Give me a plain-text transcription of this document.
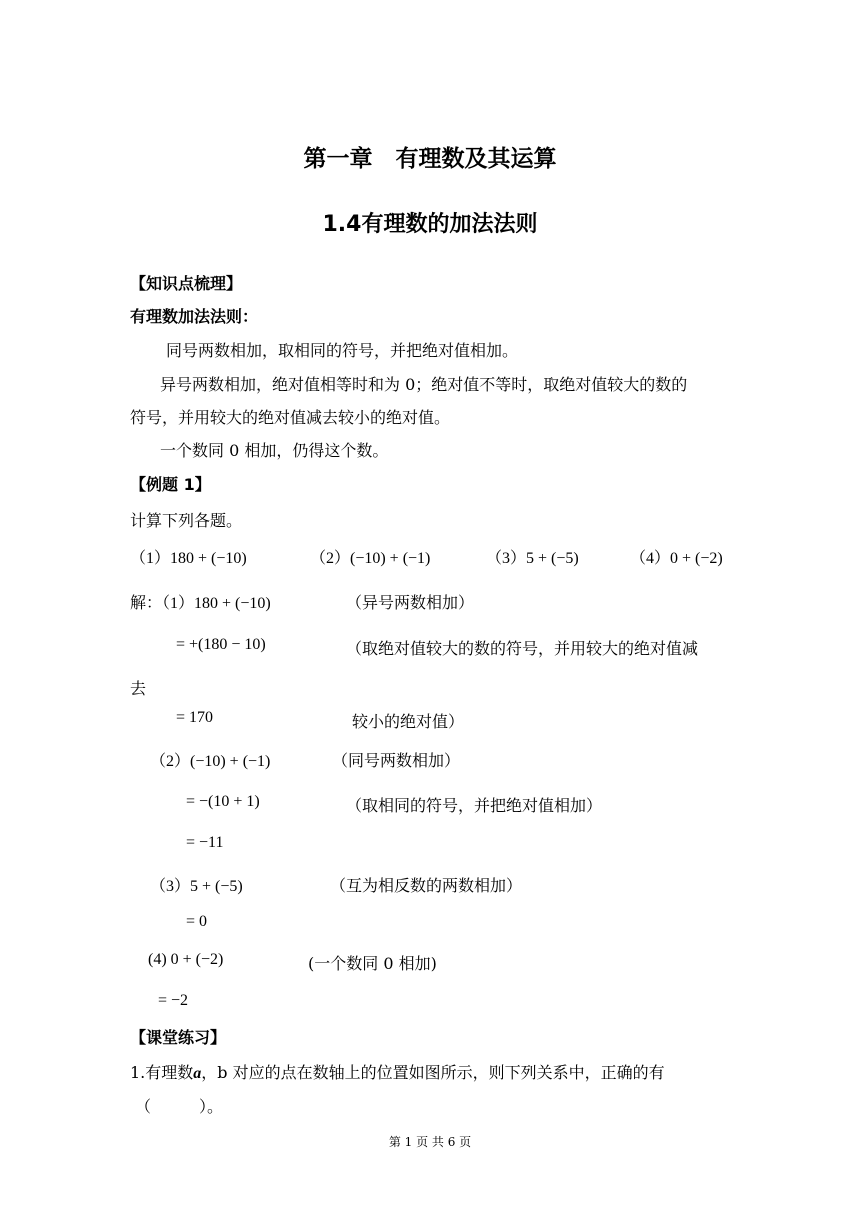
第一章　有理数及其运算
1.4有理数的加法法则
【知识点梳理】
有理数加法法则：
同号两数相加，取相同的符号，并把绝对值相加。
异号两数相加，绝对值相等时和为 0；绝对值不等时，取绝对值较大的数的
符号，并用较大的绝对值减去较小的绝对值。
一个数同 0 相加，仍得这个数。
【例题 1】
计算下列各题。
（1）180 + (−10)	（2）(−10) + (−1)	（3）5 + (−5)	（4）0 + (−2)
解：（1）180 + (−10)	（异号两数相加）
= +(180 − 10)	（取绝对值较大的数的符号，并用较大的绝对值减
去
= 170	较小的绝对值）
（2）(−10) + (−1)	（同号两数相加）
= −(10 + 1)	（取相同的符号，并把绝对值相加）
= −11
（3）5 + (−5)	（互为相反数的两数相加）
= 0
(4) 0 + (−2)	(一个数同 0 相加)
= −2
【课堂练习】
1.有理数a，b 对应的点在数轴上的位置如图所示，则下列关系中，正确的有
（　　　）。
第 1 页 共 6 页
